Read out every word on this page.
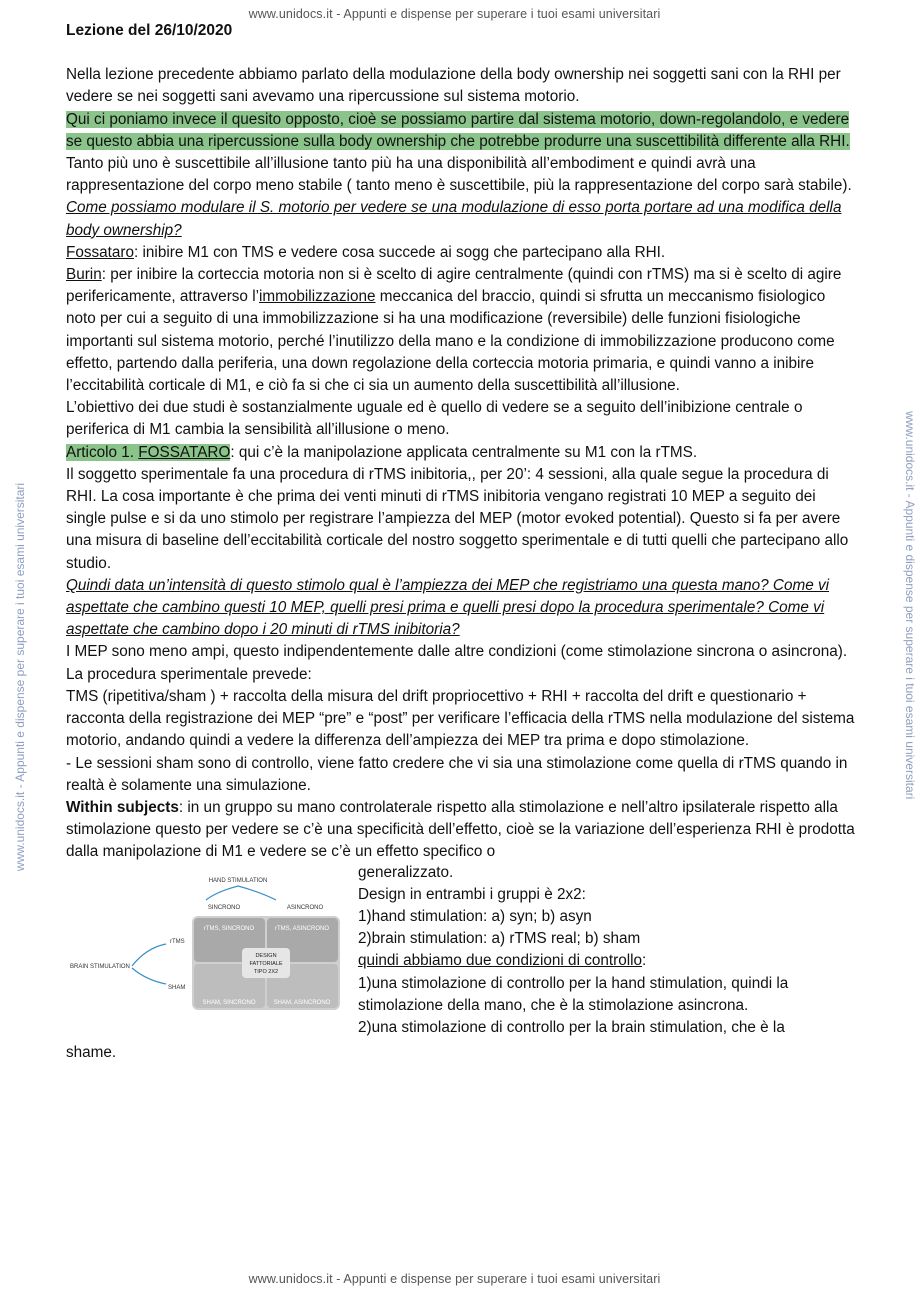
www.unidocs.it - Appunti e dispense per superare i tuoi esami universitari
www.unidocs.it - Appunti e dispense per superare i tuoi esami universitari	www.unidocs.it - Appunti e dispense per superare i tuoi esami universitari

Lezione del 26/10/2020

Nella lezione precedente abbiamo parlato della modulazione della body ownership nei soggetti sani con la RHI per vedere se nei soggetti sani avevamo una ripercussione sul sistema motorio.

Qui ci poniamo invece il quesito opposto, cioè se possiamo partire dal sistema motorio, down-regolandolo, e vedere se questo abbia una ripercussione sulla body ownership che potrebbe produrre una suscettibilità differente alla RHI.

Tanto più uno è suscettibile all’illusione tanto più ha una disponibilità all’embodiment e quindi avrà una rappresentazione del corpo meno stabile ( tanto meno è suscettibile, più la rappresentazione del corpo sarà stabile).

Come possiamo modulare il S. motorio per vedere se una modulazione di esso porta portare ad una modifica della body ownership?

Fossataro: inibire M1 con TMS e vedere cosa succede ai sogg che partecipano alla RHI.

Burin: per inibire la corteccia motoria non si è scelto di agire centralmente (quindi con rTMS) ma si è scelto di agire perifericamente, attraverso l’immobilizzazione meccanica del braccio, quindi si sfrutta un meccanismo fisiologico noto per cui a seguito di una immobilizzazione si ha una modificazione (reversibile) delle funzioni fisiologiche importanti sul sistema motorio, perché l’inutilizzo della mano e la condizione di immobilizzazione producono come effetto, partendo dalla periferia, una down regolazione della corteccia motoria primaria, e quindi vanno a inibire l’eccitabilità corticale di M1, e ciò fa si che ci sia un aumento della suscettibilità all’illusione.

L’obiettivo dei due studi è sostanzialmente uguale ed è quello di vedere se a seguito dell’inibizione centrale o periferica di M1 cambia la sensibilità all’illusione o meno.

Articolo 1. FOSSATARO: qui c’è la manipolazione applicata centralmente su M1 con la rTMS.

Il soggetto sperimentale fa una procedura di rTMS inibitoria,, per 20’: 4 sessioni, alla quale segue la procedura di RHI. La cosa importante è che prima dei venti minuti di rTMS inibitoria vengano registrati 10 MEP a seguito dei single pulse e si da uno stimolo per registrare l’ampiezza del MEP (motor evoked potential). Questo si fa per avere una misura di baseline dell’eccitabilità corticale del nostro soggetto sperimentale e di tutti quelli che partecipano allo studio.

Quindi data un’intensità di questo stimolo qual è l’ampiezza dei MEP che registriamo una questa mano? Come vi aspettate che cambino questi 10 MEP, quelli presi prima e quelli presi dopo la procedura sperimentale? Come vi aspettate che cambino dopo i 20 minuti di rTMS inibitoria?

I MEP sono meno ampi, questo indipendentemente dalle altre condizioni (come stimolazione sincrona o asincrona).

La procedura sperimentale prevede:

TMS (ripetitiva/sham ) + raccolta della misura del drift propriocettivo + RHI + raccolta del drift e questionario + racconta della registrazione dei MEP “pre” e “post” per verificare l’efficacia della rTMS nella modulazione del sistema motorio, andando quindi a vedere la differenza dell’ampiezza dei MEP tra prima e dopo stimolazione.

- Le sessioni sham sono di controllo, viene fatto credere che vi sia una stimolazione come quella di rTMS quando in realtà è solamente una simulazione.

Within subjects: in un gruppo su mano controlaterale rispetto alla stimolazione e nell’altro ipsilaterale rispetto alla stimolazione questo per vedere se c’è una specificità dell’effetto, cioè se la variazione dell’esperienza RHI è prodotta dalla manipolazione di M1 e vedere se c’è un effetto specifico o

HAND STIMULATION
SINCRONO	ASINCRONO
BRAIN STIMULATION
rTMS
SHAM
rTMS, SINCRONO	rTMS, ASINCRONO
SHAM, SINCRONO	SHAM, ASINCRONO
DESIGN
FATTORIALE
TIPO 2X2

generalizzato.

Design in entrambi i gruppi è 2x2:

1)hand stimulation: a) syn; b) asyn

2)brain stimulation: a) rTMS real; b) sham

quindi abbiamo due condizioni di controllo:

1)una stimolazione di controllo per la hand stimulation, quindi la stimolazione della mano, che è la stimolazione asincrona.

2)una stimolazione di controllo per la brain stimulation, che è la

shame.

www.unidocs.it - Appunti e dispense per superare i tuoi esami universitari
